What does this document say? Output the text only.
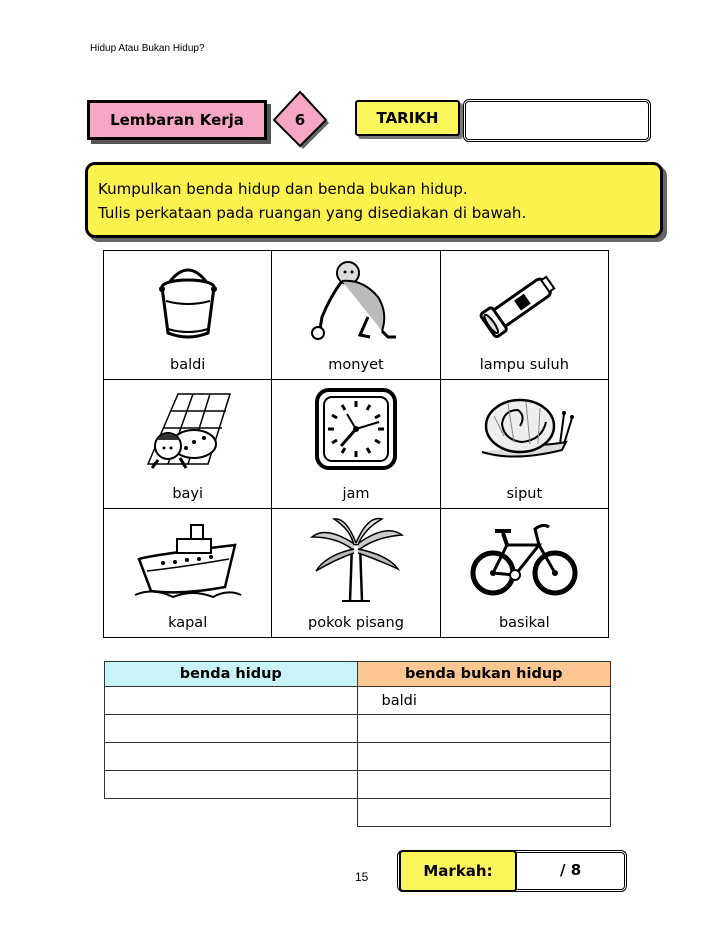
Hidup Atau Bukan Hidup?
Lembaran Kerja	6	TARIKH
Kumpulkan benda hidup dan benda bukan hidup.
Tulis perkataan pada ruangan yang disediakan di bawah.
baldi	monyet	lampu suluh

bayi	jam	siput

kapal	pokok pisang	basikal
benda hidup	benda bukan hidup
	baldi

15	Markah:	/ 8
